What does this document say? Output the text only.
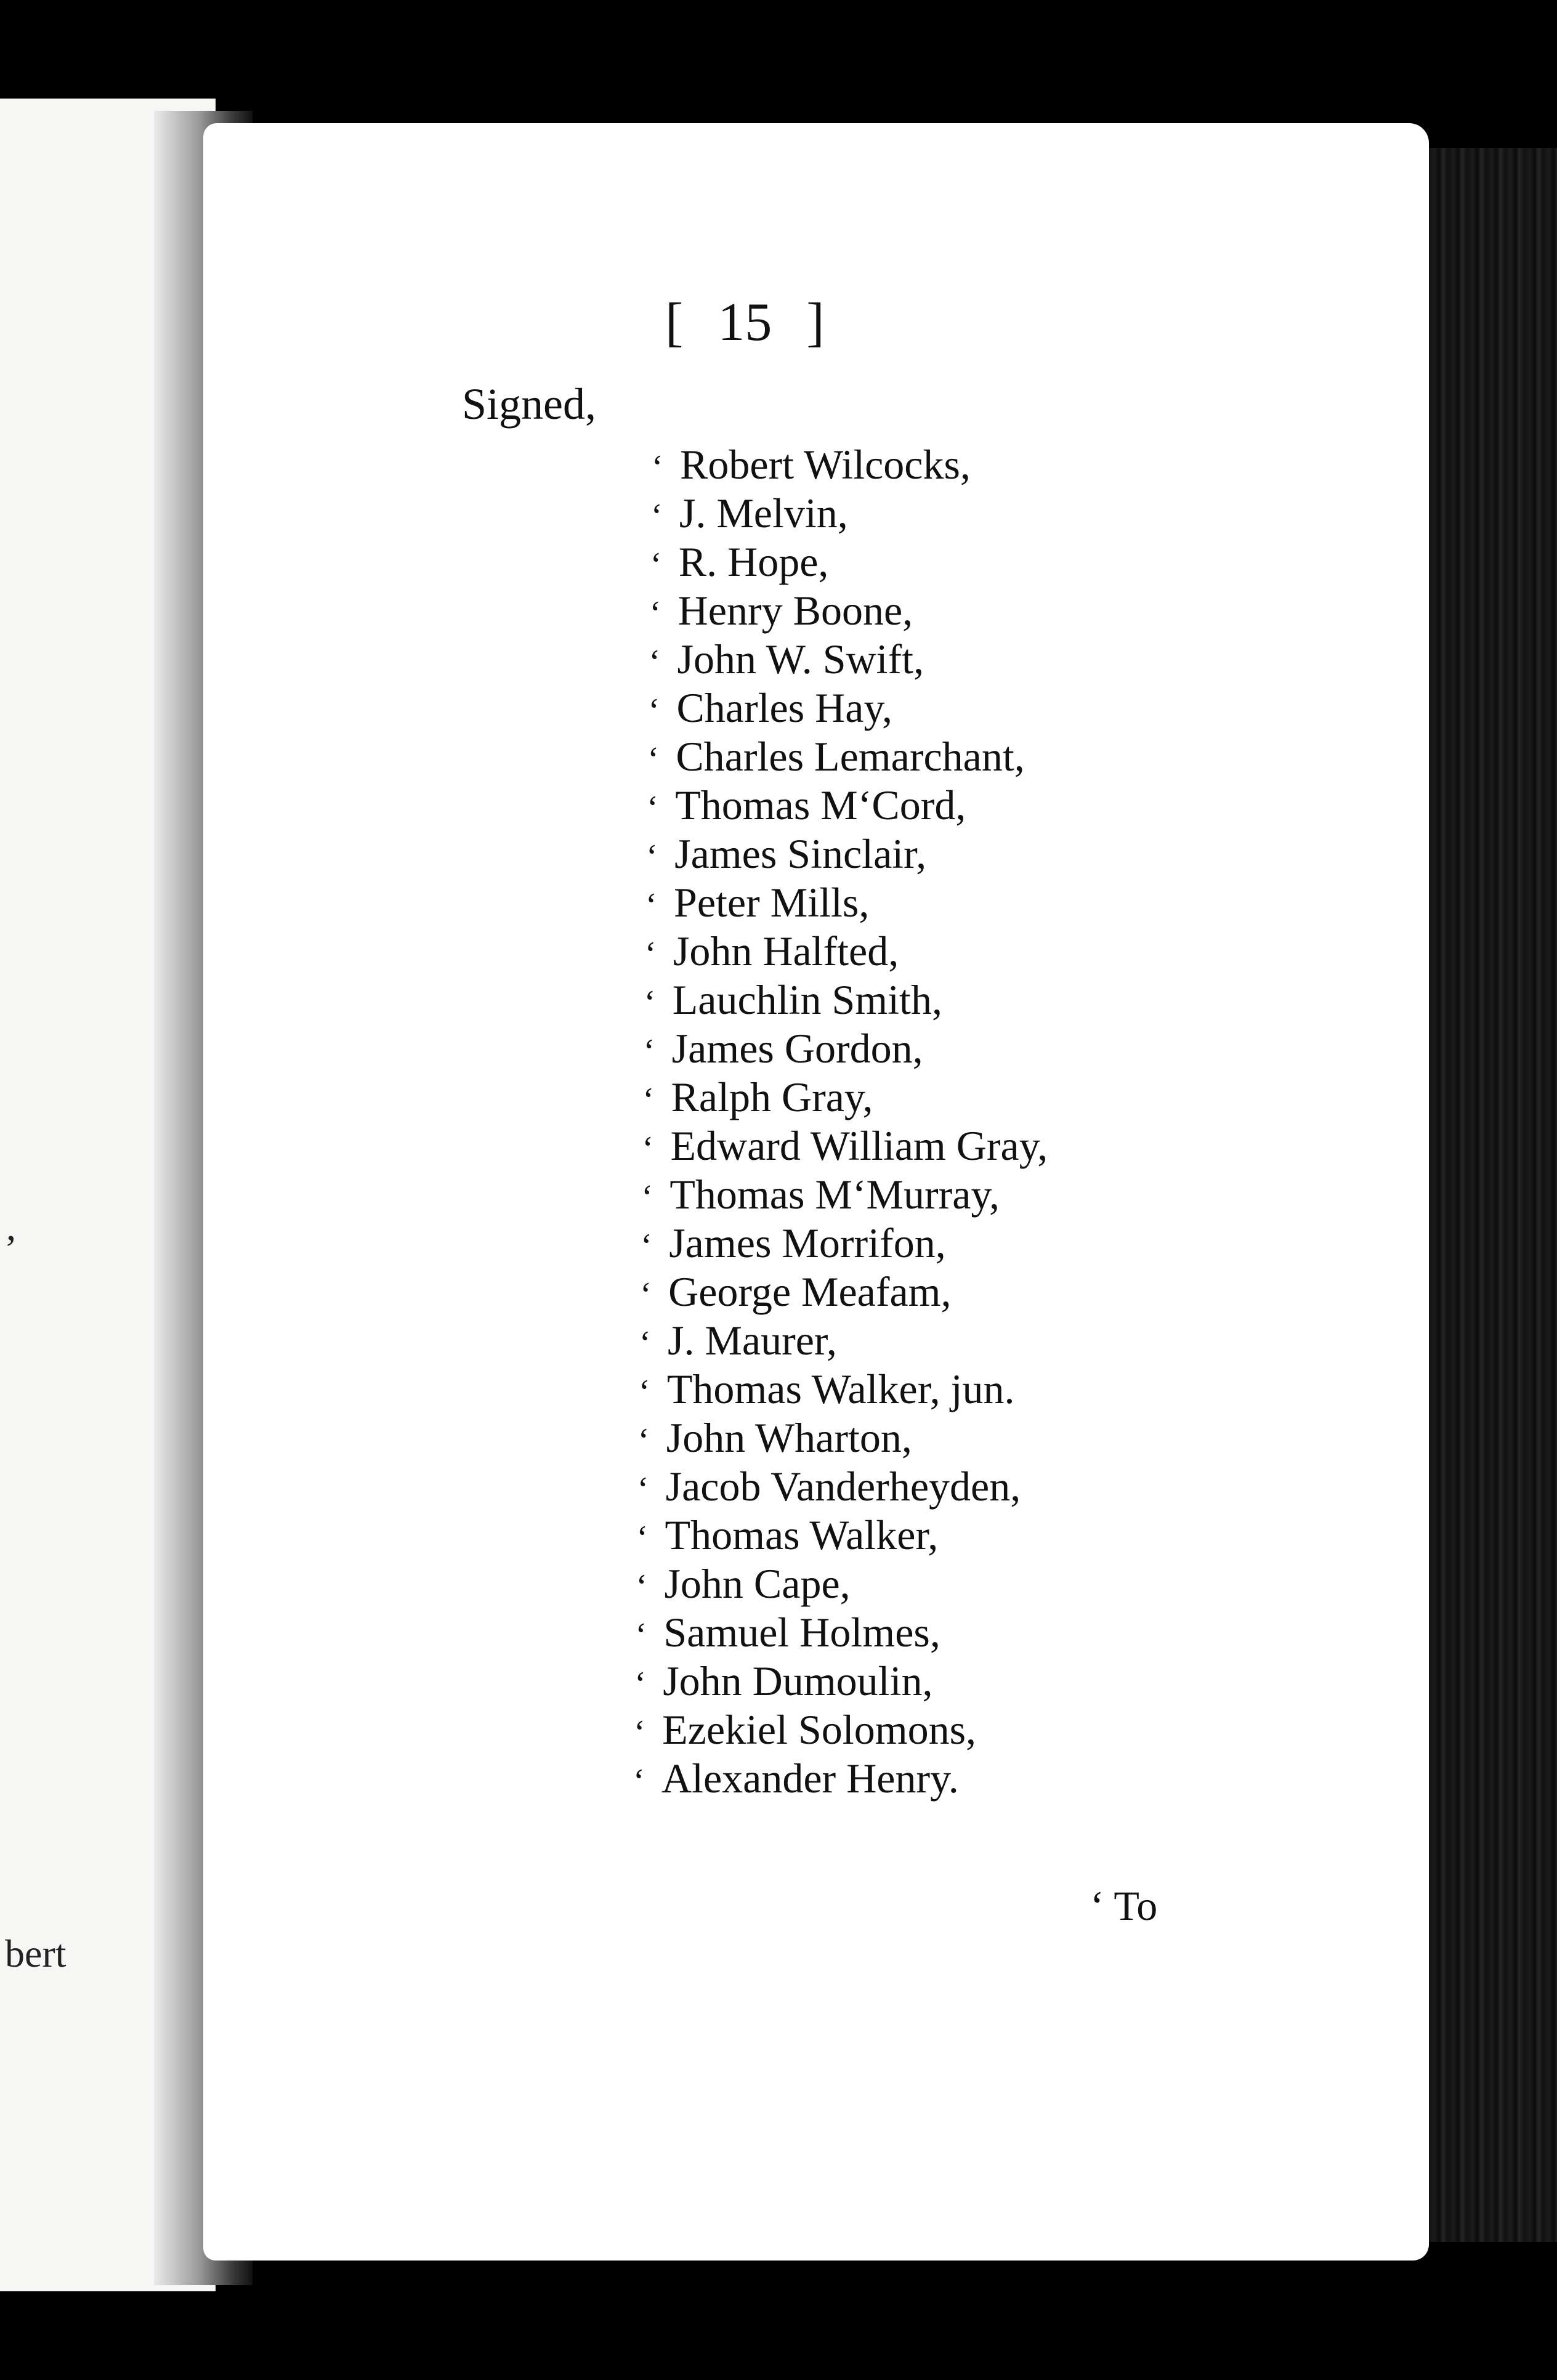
,
bert
[ 15 ]
Signed,
‘ Robert Wilcocks,
‘ J. Melvin,
‘ R. Hope,
‘ Henry Boone,
‘ John W. Swift,
‘ Charles Hay,
‘ Charles Lemarchant,
‘ Thomas M‘Cord,
‘ James Sinclair,
‘ Peter Mills,
‘ John Halfted,
‘ Lauchlin Smith,
‘ James Gordon,
‘ Ralph Gray,
‘ Edward William Gray,
‘ Thomas M‘Murray,
‘ James Morrifon,
‘ George Meafam,
‘ J. Maurer,
‘ Thomas Walker, jun.
‘ John Wharton,
‘ Jacob Vanderheyden,
‘ Thomas Walker,
‘ John Cape,
‘ Samuel Holmes,
‘ John Dumoulin,
‘ Ezekiel Solomons,
‘ Alexander Henry.
‘ To
